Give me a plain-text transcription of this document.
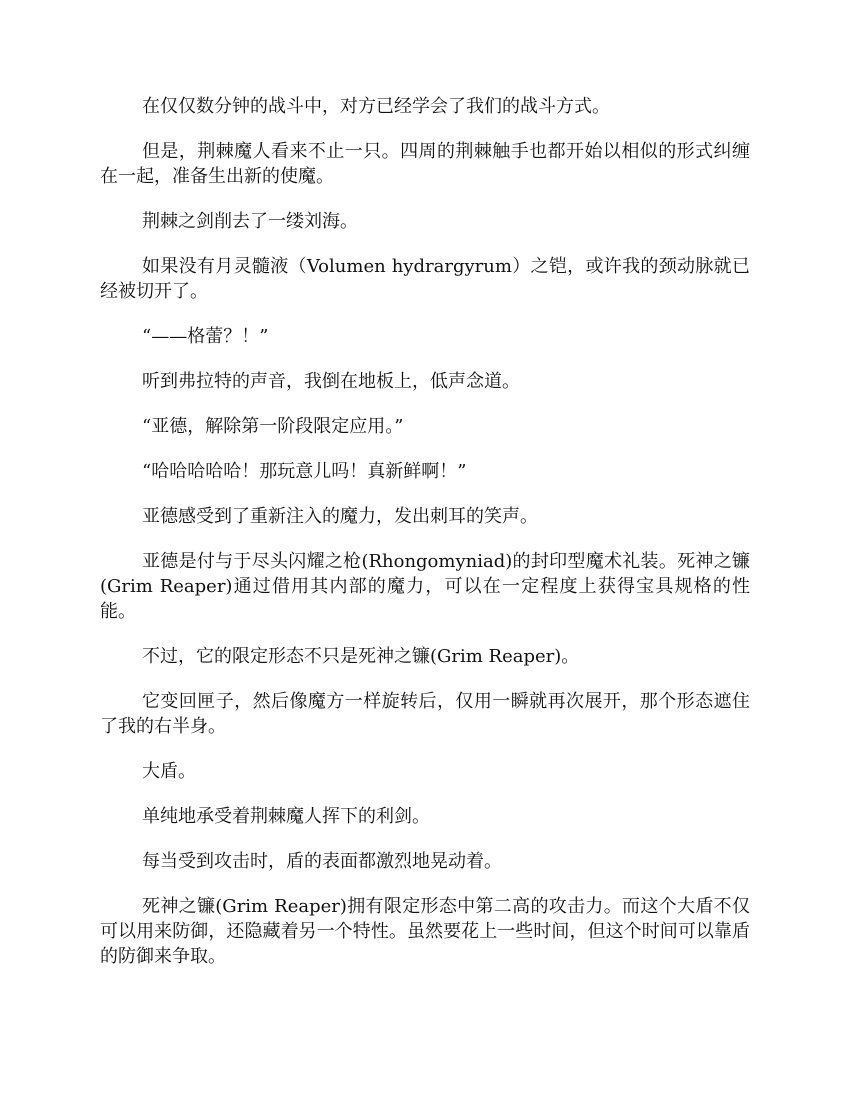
在仅仅数分钟的战斗中，对方已经学会了我们的战斗方式。

但是，荆棘魔人看来不止一只。四周的荆棘触手也都开始以相似的形式纠缠在一起，准备生出新的使魔。

荆棘之剑削去了一缕刘海。

如果没有月灵髓液（Volumen hydrargyrum）之铠，或许我的颈动脉就已经被切开了。

“——格蕾？！”

听到弗拉特的声音，我倒在地板上，低声念道。

“亚德，解除第一阶段限定应用。”

“哈哈哈哈哈！那玩意儿吗！真新鲜啊！”

亚德感受到了重新注入的魔力，发出刺耳的笑声。

亚德是付与于尽头闪耀之枪(Rhongomyniad)的封印型魔术礼装。死神之镰(Grim Reaper)通过借用其内部的魔力，可以在一定程度上获得宝具规格的性能。

不过，它的限定形态不只是死神之镰(Grim Reaper)。

它变回匣子，然后像魔方一样旋转后，仅用一瞬就再次展开，那个形态遮住了我的右半身。

大盾。

单纯地承受着荆棘魔人挥下的利剑。

每当受到攻击时，盾的表面都激烈地晃动着。

死神之镰(Grim Reaper)拥有限定形态中第二高的攻击力。而这个大盾不仅可以用来防御，还隐藏着另一个特性。虽然要花上一些时间，但这个时间可以靠盾的防御来争取。
